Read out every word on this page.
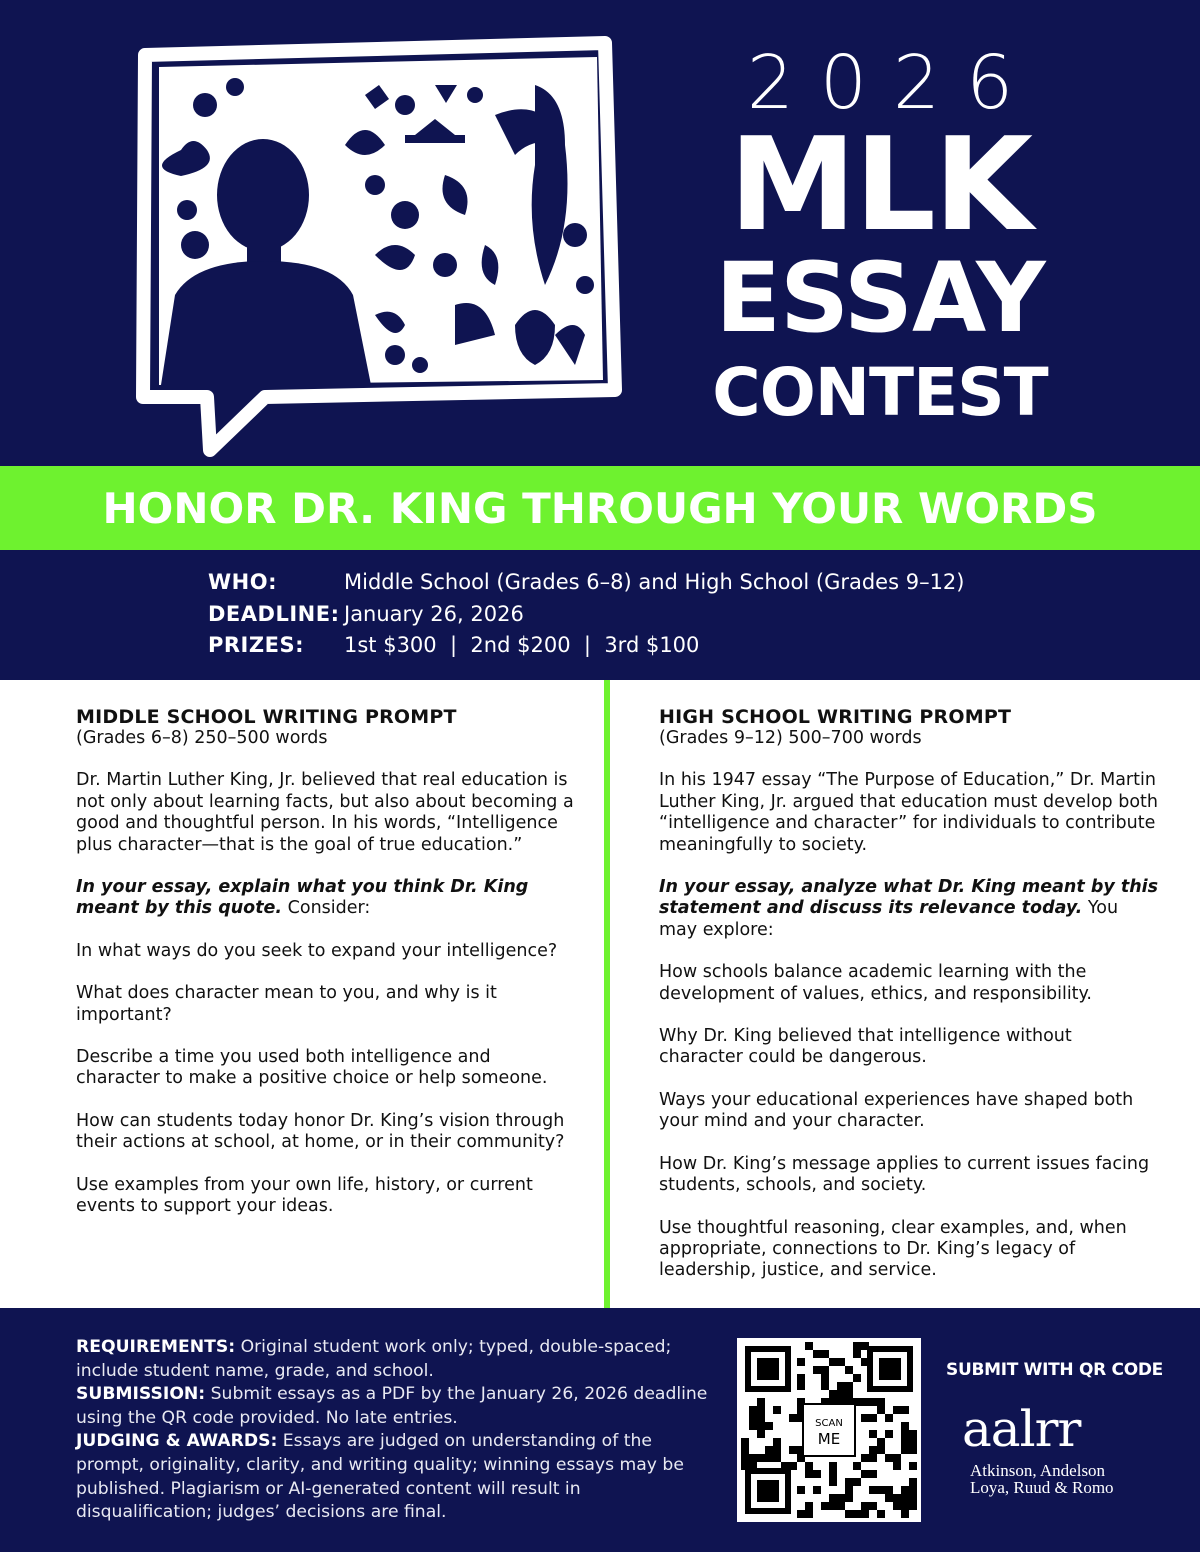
2026
MLK
ESSAY
CONTEST
HONOR DR. KING THROUGH YOUR WORDS
WHO:	Middle School (Grades 6–8) and High School (Grades 9–12)
DEADLINE: January 26, 2026
PRIZES:	1st $300  |  2nd $200  |  3rd $100
MIDDLE SCHOOL WRITING PROMPT
(Grades 6–8) 250–500 words

Dr. Martin Luther King, Jr. believed that real education is not only about learning facts, but also about becoming a good and thoughtful person. In his words, “Intelligence plus character—that is the goal of true education.”

In your essay, explain what you think Dr. King meant by this quote. Consider:

In what ways do you seek to expand your intelligence?

What does character mean to you, and why is it important?

Describe a time you used both intelligence and character to make a positive choice or help someone.

How can students today honor Dr. King’s vision through their actions at school, at home, or in their community?

Use examples from your own life, history, or current events to support your ideas.

HIGH SCHOOL WRITING PROMPT
(Grades 9–12) 500–700 words

In his 1947 essay “The Purpose of Education,” Dr. Martin Luther King, Jr. argued that education must develop both “intelligence and character” for individuals to contribute meaningfully to society.

In your essay, analyze what Dr. King meant by this statement and discuss its relevance today. You may explore:

How schools balance academic learning with the development of values, ethics, and responsibility.

Why Dr. King believed that intelligence without character could be dangerous.

Ways your educational experiences have shaped both your mind and your character.

How Dr. King’s message applies to current issues facing students, schools, and society.

Use thoughtful reasoning, clear examples, and, when appropriate, connections to Dr. King’s legacy of leadership, justice, and service.

REQUIREMENTS: Original student work only; typed, double-spaced; include student name, grade, and school.
SUBMISSION: Submit essays as a PDF by the January 26, 2026 deadline using the QR code provided. No late entries.
JUDGING & AWARDS: Essays are judged on understanding of the prompt, originality, clarity, and writing quality; winning essays may be published. Plagiarism or AI-generated content will result in disqualification; judges’ decisions are final.
SCAN
ME
SUBMIT WITH QR CODE
aalrr
Atkinson, Andelson
Loya, Ruud & Romo
